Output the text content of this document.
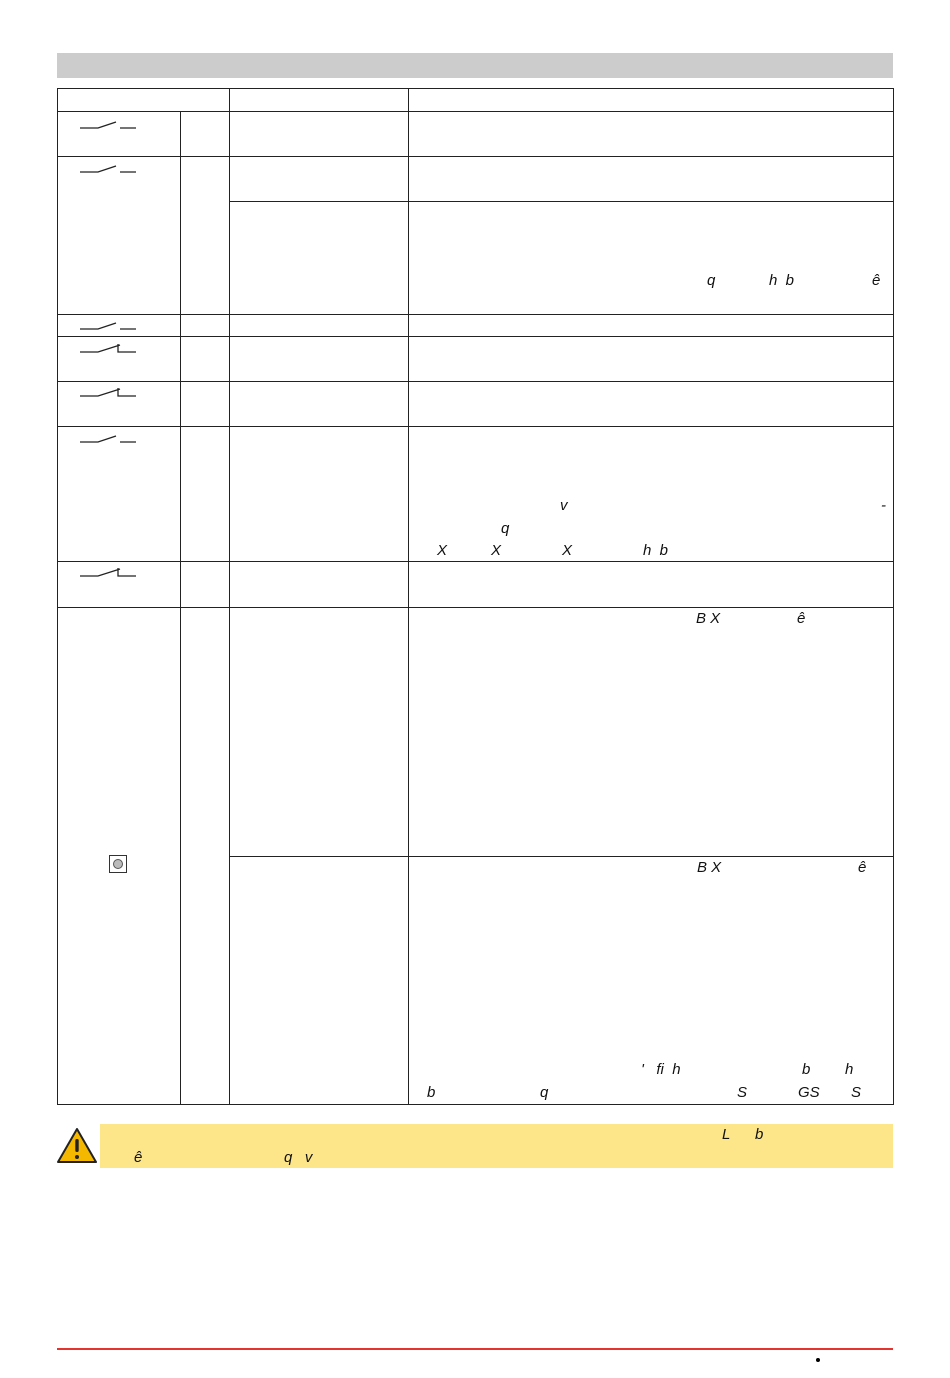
q	h  b	ê
v	-
q
X	X	X	h  b
B X	ê
B X	ê
'   fi  h	b h
b	q	S	GS S
L b
ê	q   v
